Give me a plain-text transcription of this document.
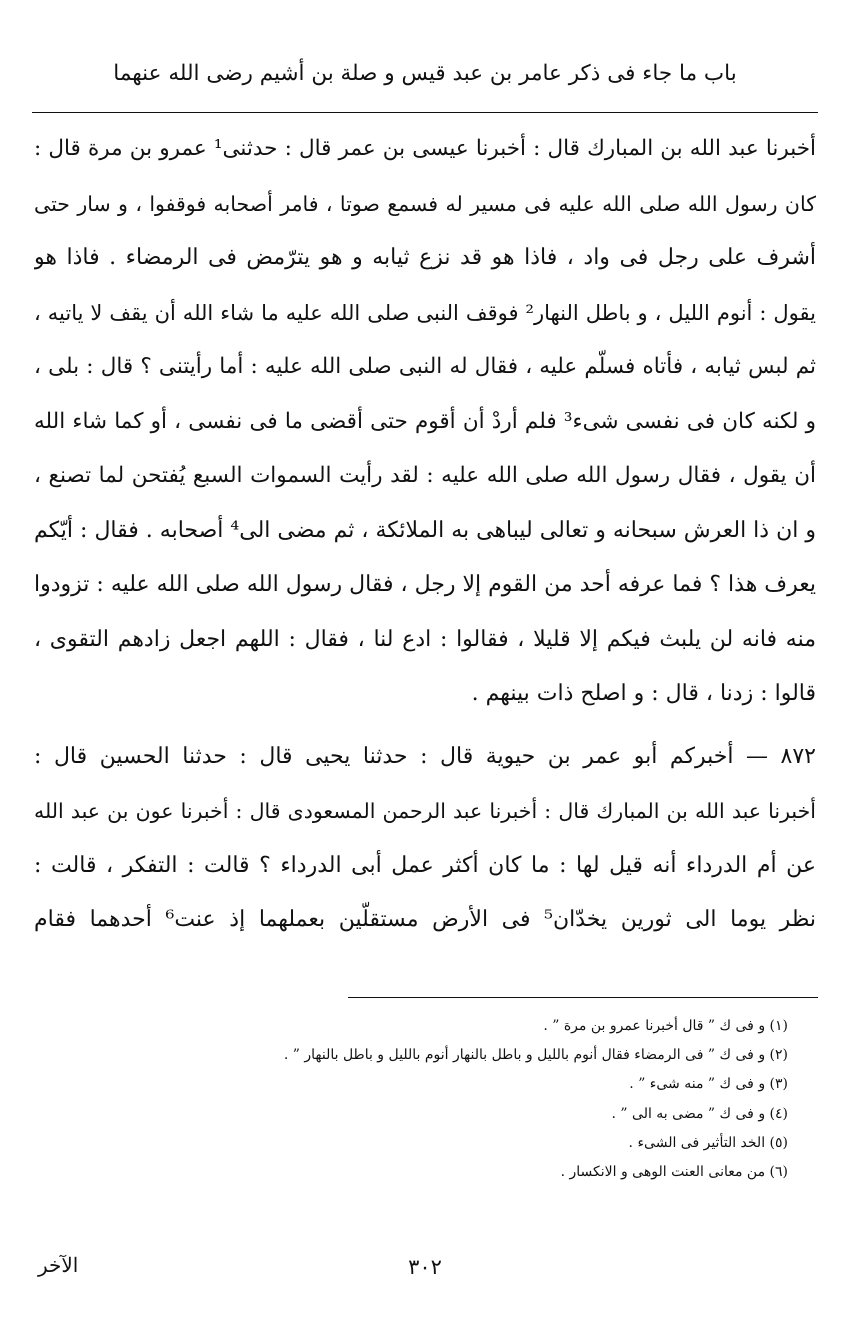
باب ما جاء فى ذكر عامر بن عبد قيس و صلة بن أشيم رضى الله عنهما
أخبرنا عبد الله بن المبارك قال : أخبرنا عيسى بن عمر قال : حدثنى¹ عمرو بن مرة قال :
كان رسول الله صلى الله عليه فى مسير له فسمع صوتا ، فامر أصحابه فوقفوا ، و سار حتى
أشرف على رجل فى واد ، فاذا هو قد نزع ثيابه و هو يترّمض فى الرمضاء . فاذا هو
يقول : أنوم الليل ، و باطل النهار² فوقف النبى صلى الله عليه ما شاء الله أن يقف لا ياتيه ،
ثم لبس ثيابه ، فأتاه فسلّم عليه ، فقال له النبى صلى الله عليه : أما رأيتنى ؟ قال : بلى ،
و لكنه كان فى نفسى شىء³ فلم أردْ أن أقوم حتى أقضى ما فى نفسى ، أو كما شاء الله
أن يقول ، فقال رسول الله صلى الله عليه : لقد رأيت السموات السبع يُفتحن لما تصنع ،
و ان ذا العرش سبحانه و تعالى ليباهى به الملائكة ، ثم مضى الى⁴ أصحابه . فقال : أيّكم
يعرف هذا ؟ فما عرفه أحد من القوم إلا رجل ، فقال رسول الله صلى الله عليه : تزودوا
منه فانه لن يلبث فيكم إلا قليلا ، فقالوا : ادع لنا ، فقال : اللهم اجعل زادهم التقوى ،
قالوا : زدنا ، قال : و اصلح ذات بينهم .
٨٧٢ — أخبركم أبو عمر بن حيوية قال : حدثنا يحيى قال : حدثنا الحسين قال :
أخبرنا عبد الله بن المبارك قال : أخبرنا عبد الرحمن المسعودى قال : أخبرنا عون بن عبد الله
عن أم الدرداء أنه قيل لها : ما كان أكثر عمل أبى الدرداء ؟ قالت : التفكر ، قالت :
نظر يوما الى ثورين يخدّان⁵ فى الأرض مستقلّين بعملهما إذ عنت⁶ أحدهما فقام
(١) و فى ك ” قال أخبرنا عمرو بن مرة ” .
(٢) و فى ك ” فى الرمضاء فقال أنوم بالليل و باطل بالنهار أنوم بالليل و باطل بالنهار ” .
(٣) و فى ك ” منه شىء ” .
(٤) و فى ك ” مضى به الى ” .
(٥) الخد التأثير فى الشىء .
(٦) من معانى العنت الوهى و الانكسار .
٣٠٢
الآخر
